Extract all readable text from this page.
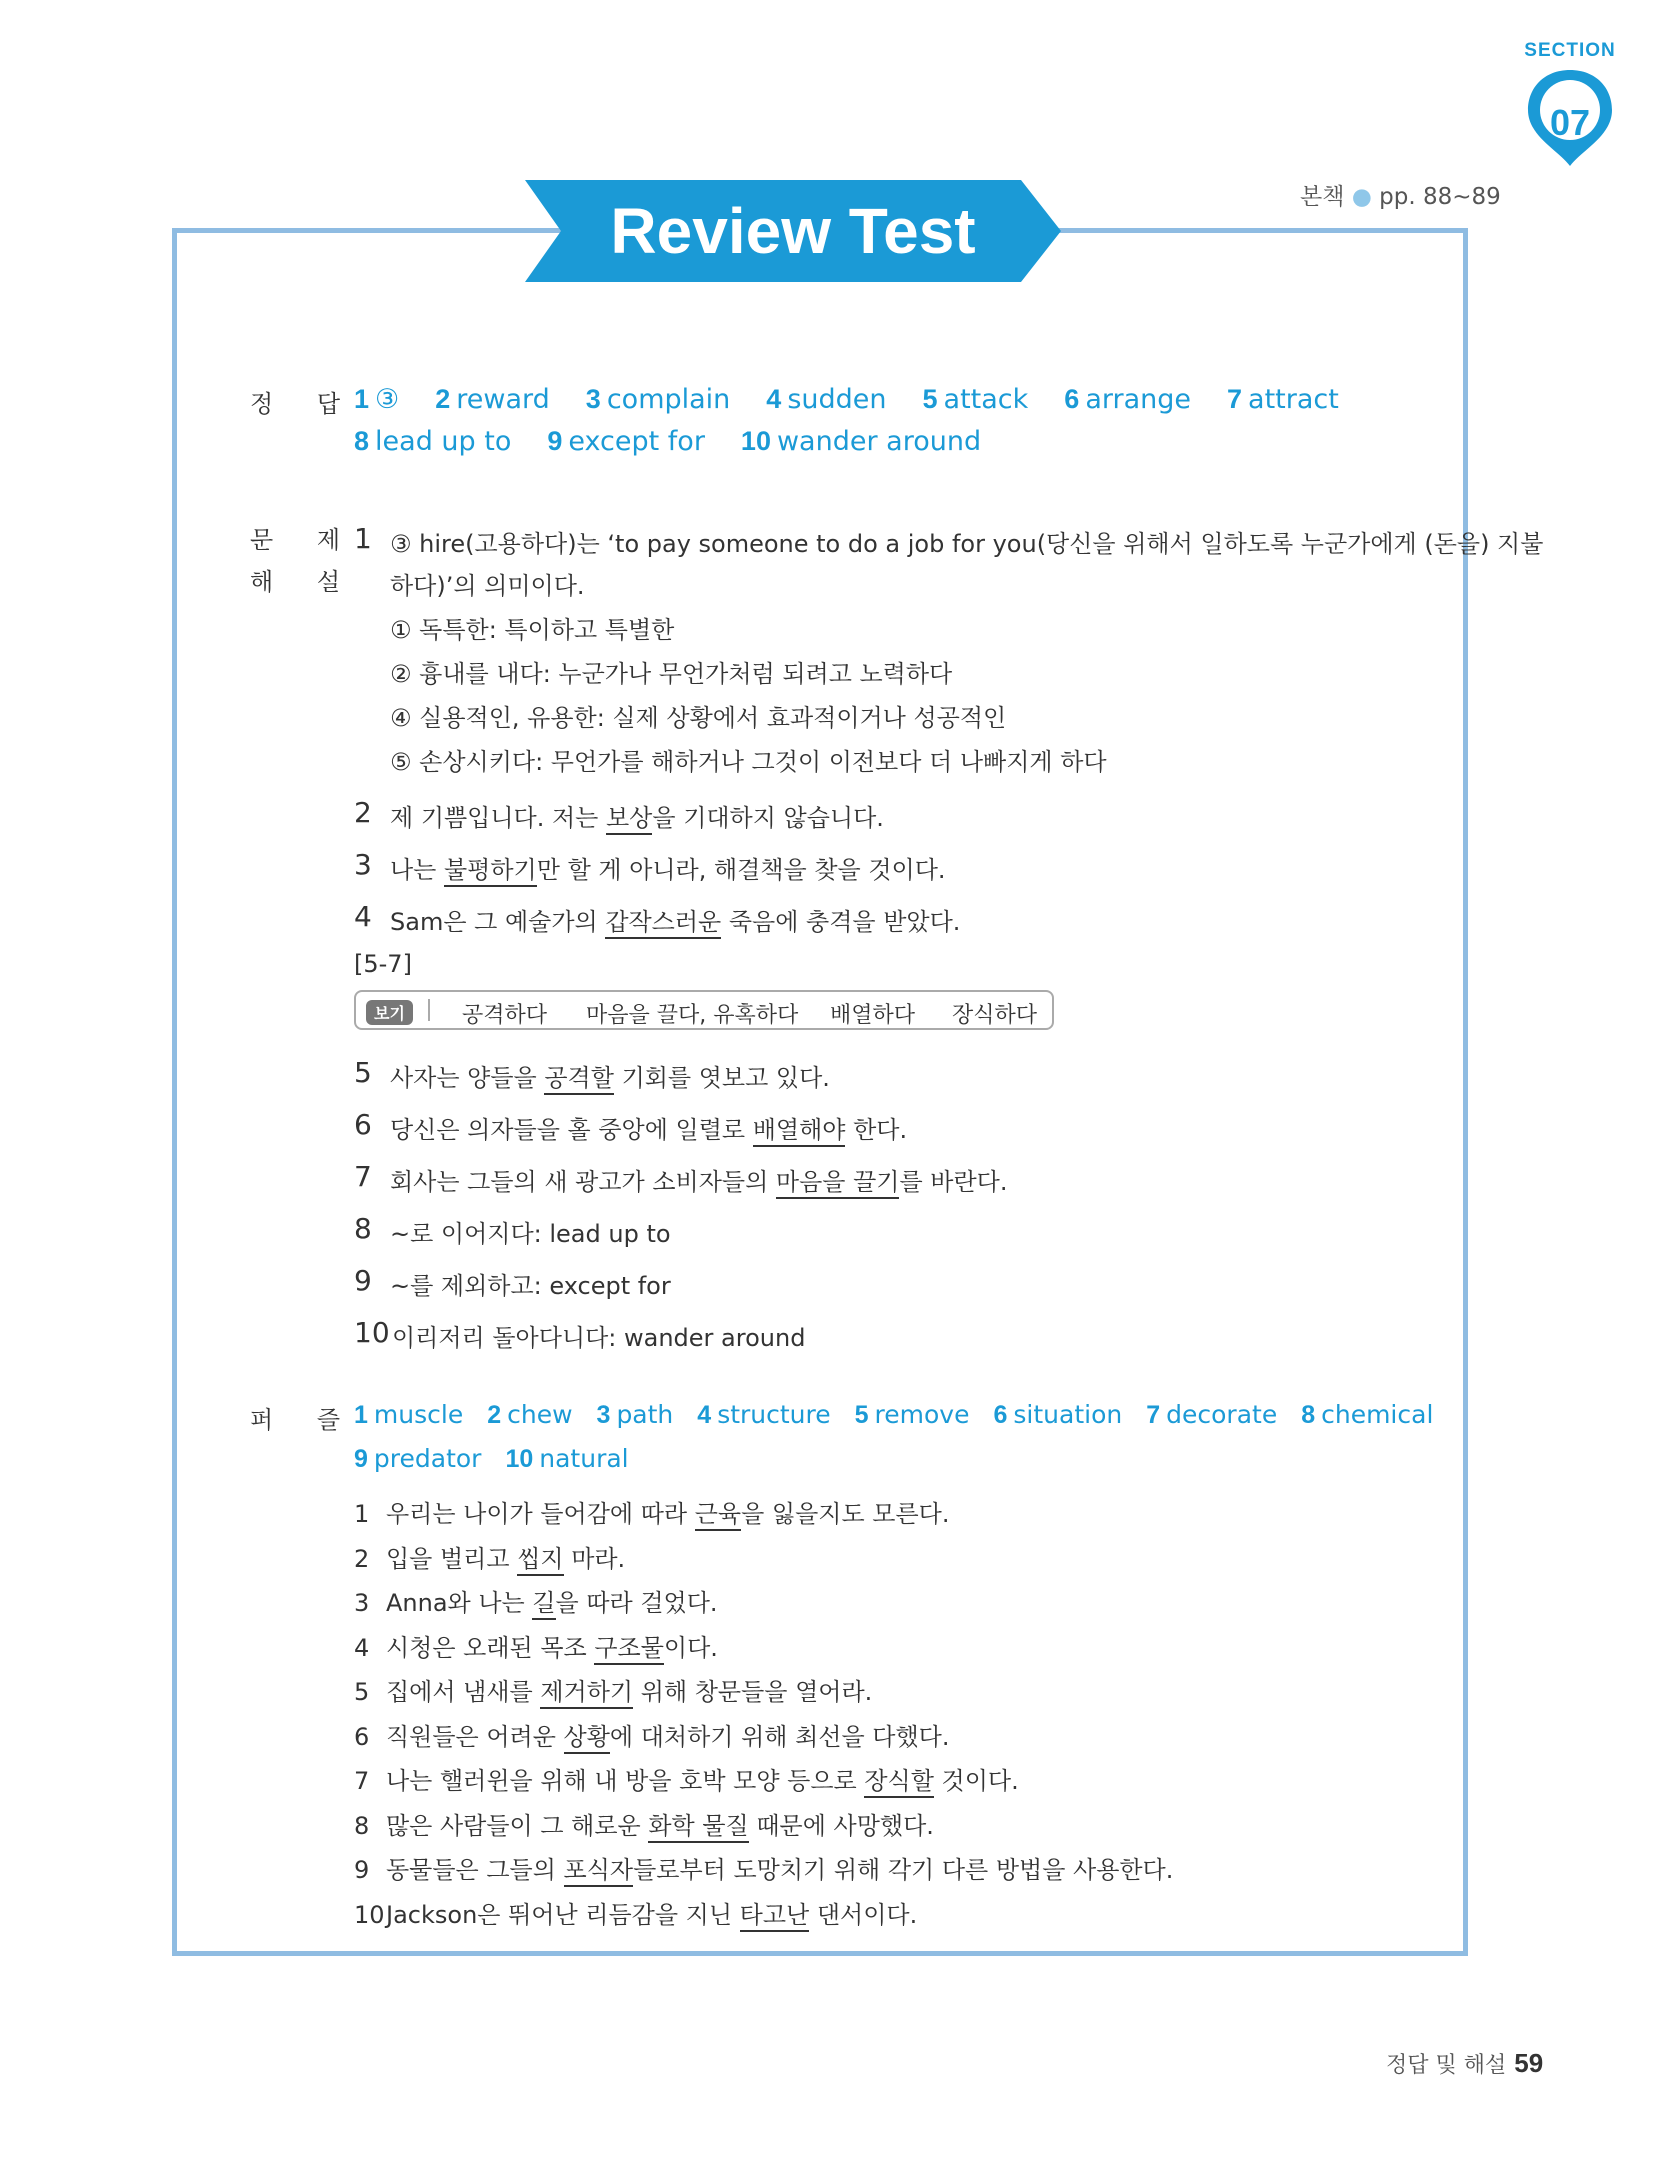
SECTION
07
본책 ● pp. 88~89
Review Test
정 답
1 ③ 2 reward 3 complain 4 sudden 5 attack 6 arrange 7 attract
8 lead up to 9 except for 10 wander around
문 제
해 설
1 ③ hire(고용하다)는 ‘to pay someone to do a job for you(당신을 위해서 일하도록 누군가에게 (돈을) 지불
하다)’의 의미이다.
① 독특한: 특이하고 특별한
② 흉내를 내다: 누군가나 무언가처럼 되려고 노력하다
④ 실용적인, 유용한: 실제 상황에서 효과적이거나 성공적인
⑤ 손상시키다: 무언가를 해하거나 그것이 이전보다 더 나빠지게 하다
2 제 기쁨입니다. 저는 보상을 기대하지 않습니다.
3 나는 불평하기만 할 게 아니라, 해결책을 찾을 것이다.
4 Sam은 그 예술가의 갑작스러운 죽음에 충격을 받았다.
[5-7]
보기	공격하다 마음을 끌다, 유혹하다 배열하다 장식하다
5 사자는 양들을 공격할 기회를 엿보고 있다.
6 당신은 의자들을 홀 중앙에 일렬로 배열해야 한다.
7 회사는 그들의 새 광고가 소비자들의 마음을 끌기를 바란다.
8 ~로 이어지다: lead up to
9 ~를 제외하고: except for
10 이리저리 돌아다니다: wander around
퍼 즐
1 muscle 2 chew 3 path 4 structure 5 remove 6 situation 7 decorate 8 chemical
9 predator 10 natural
1 우리는 나이가 들어감에 따라 근육을 잃을지도 모른다.
2 입을 벌리고 씹지 마라.
3 Anna와 나는 길을 따라 걸었다.
4 시청은 오래된 목조 구조물이다.
5 집에서 냄새를 제거하기 위해 창문들을 열어라.
6 직원들은 어려운 상황에 대처하기 위해 최선을 다했다.
7 나는 핼러윈을 위해 내 방을 호박 모양 등으로 장식할 것이다.
8 많은 사람들이 그 해로운 화학 물질 때문에 사망했다.
9 동물들은 그들의 포식자들로부터 도망치기 위해 각기 다른 방법을 사용한다.
10Jackson은 뛰어난 리듬감을 지닌 타고난 댄서이다.
정답 및 해설 59
